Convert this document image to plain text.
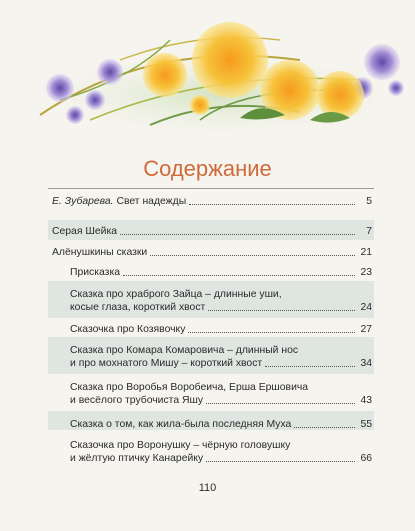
Содержание
Е. Зубарева.
Свет надежды	5
Серая Шейка	7
Алёнушкины сказки	21
Присказка	23
Сказка про храброго Зайца – длинные уши,
косые глаза, короткий хвост	24
Сказочка про Козявочку	27
Сказка про Комара Комаровича – длинный нос
и про мохнатого Мишу – короткий хвост	34
Сказка про Воробья Воробеича, Ерша Ершовича
и весёлого трубочиста Яшу	43
Сказка о том, как жила-была последняя Муха	55
Сказочка про Воронушку – чёрную головушку
и жёлтую птичку Канарейку	66
110
